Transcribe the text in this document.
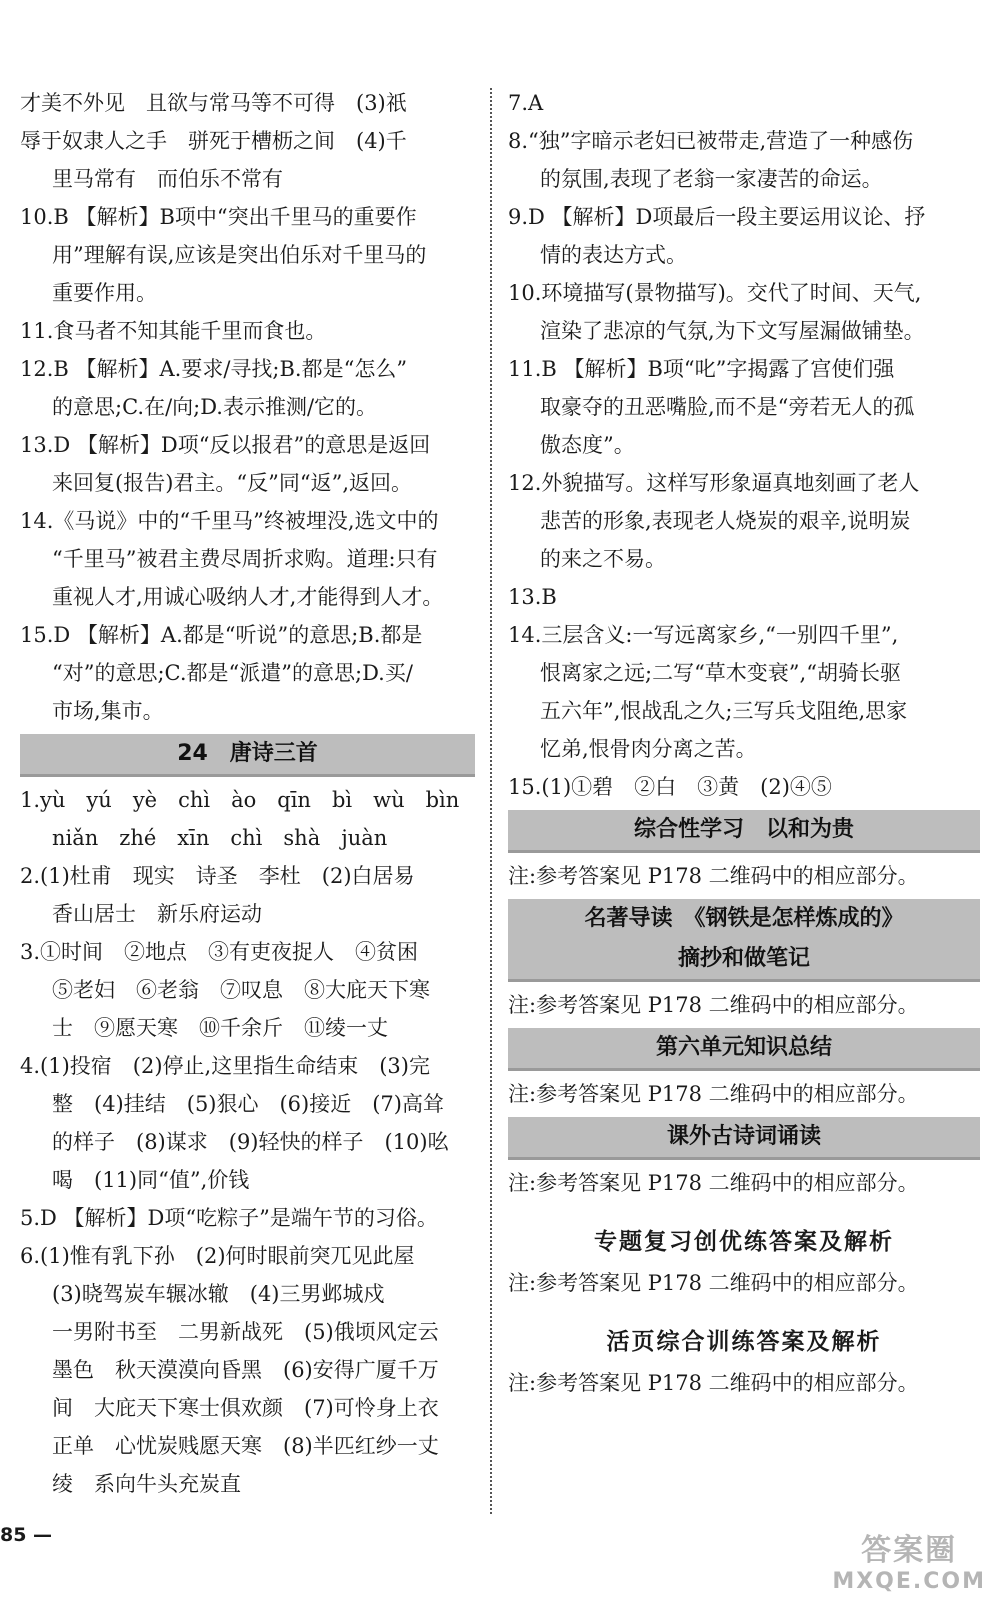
才美不外见　且欲与常马等不可得　(3)祇
辱于奴隶人之手　骈死于槽枥之间　(4)千
里马常有　而伯乐不常有
10.B 【解析】B项中“突出千里马的重要作
用”理解有误,应该是突出伯乐对千里马的
重要作用。
11.食马者不知其能千里而食也。
12.B 【解析】A.要求/寻找;B.都是“怎么”
的意思;C.在/向;D.表示推测/它的。
13.D 【解析】D项“反以报君”的意思是返回
来回复(报告)君主。“反”同“返”,返回。
14.《马说》中的“千里马”终被埋没,选文中的
“千里马”被君主费尽周折求购。道理:只有
重视人才,用诚心吸纳人才,才能得到人才。
15.D 【解析】A.都是“听说”的意思;B.都是
“对”的意思;C.都是“派遣”的意思;D.买/
市场,集市。
24　唐诗三首
1.yù　yú　yè　chì　ào　qīn　bì　wù　bìn
niǎn　zhé　xīn　chì　shà　juàn
2.(1)杜甫　现实　诗圣　李杜　(2)白居易
香山居士　新乐府运动
3.①时间　②地点　③有吏夜捉人　④贫困
⑤老妇　⑥老翁　⑦叹息　⑧大庇天下寒
士　⑨愿天寒　⑩千余斤　⑪绫一丈
4.(1)投宿　(2)停止,这里指生命结束　(3)完
整　(4)挂结　(5)狠心　(6)接近　(7)高耸
的样子　(8)谋求　(9)轻快的样子　(10)吆
喝　(11)同“值”,价钱
5.D 【解析】D项“吃粽子”是端午节的习俗。
6.(1)惟有乳下孙　(2)何时眼前突兀见此屋
(3)晓驾炭车辗冰辙　(4)三男邺城戍
一男附书至　二男新战死　(5)俄顷风定云
墨色　秋天漠漠向昏黑　(6)安得广厦千万
间　大庇天下寒士俱欢颜　(7)可怜身上衣
正单　心忧炭贱愿天寒　(8)半匹红纱一丈
绫　系向牛头充炭直
7.A
8.“独”字暗示老妇已被带走,营造了一种感伤
的氛围,表现了老翁一家凄苦的命运。
9.D 【解析】D项最后一段主要运用议论、抒
情的表达方式。
10.环境描写(景物描写)。交代了时间、天气,
渲染了悲凉的气氛,为下文写屋漏做铺垫。
11.B 【解析】B项“叱”字揭露了宫使们强
取豪夺的丑恶嘴脸,而不是“旁若无人的孤
傲态度”。
12.外貌描写。这样写形象逼真地刻画了老人
悲苦的形象,表现老人烧炭的艰辛,说明炭
的来之不易。
13.B
14.三层含义:一写远离家乡,“一别四千里”,
恨离家之远;二写“草木变衰”,“胡骑长驱
五六年”,恨战乱之久;三写兵戈阻绝,思家
忆弟,恨骨肉分离之苦。
15.(1)①碧　②白　③黄　(2)④⑤
综合性学习　以和为贵
注:参考答案见 P178 二维码中的相应部分。
名著导读　《钢铁是怎样炼成的》
摘抄和做笔记
注:参考答案见 P178 二维码中的相应部分。
第六单元知识总结
注:参考答案见 P178 二维码中的相应部分。
课外古诗词诵读
注:参考答案见 P178 二维码中的相应部分。
专题复习创优练答案及解析
注:参考答案见 P178 二维码中的相应部分。
活页综合训练答案及解析
注:参考答案见 P178 二维码中的相应部分。
85 —	答案圈
MXQE.COM
